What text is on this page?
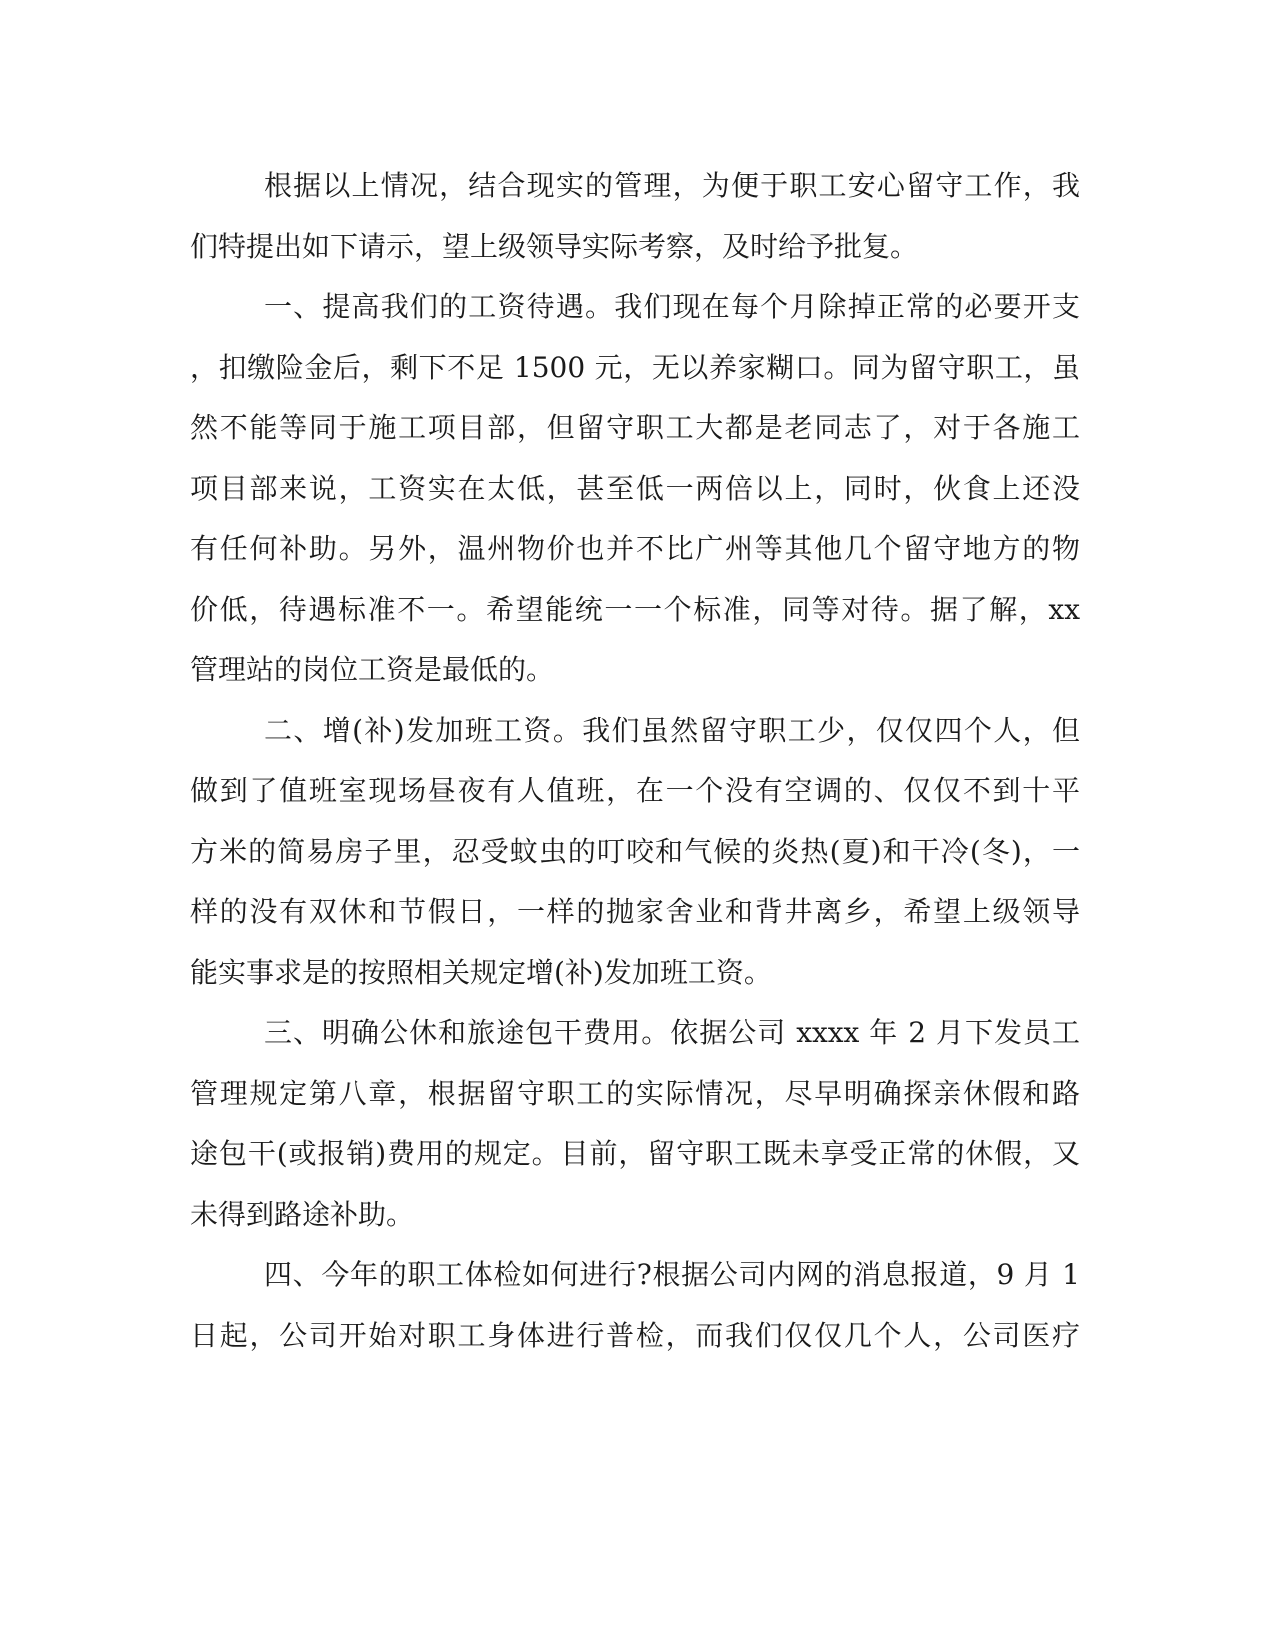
根据以上情况，结合现实的管理，为便于职工安心留守工作，我
们特提出如下请示，望上级领导实际考察，及时给予批复。
一、提高我们的工资待遇。我们现在每个月除掉正常的必要开支
，扣缴险金后，剩下不足 1500 元，无以养家糊口。同为留守职工，虽
然不能等同于施工项目部，但留守职工大都是老同志了，对于各施工
项目部来说，工资实在太低，甚至低一两倍以上，同时，伙食上还没
有任何补助。另外，温州物价也并不比广州等其他几个留守地方的物
价低，待遇标准不一。希望能统一一个标准，同等对待。据了解，xx
管理站的岗位工资是最低的。
二、增(补)发加班工资。我们虽然留守职工少，仅仅四个人，但
做到了值班室现场昼夜有人值班，在一个没有空调的、仅仅不到十平
方米的简易房子里，忍受蚊虫的叮咬和气候的炎热(夏)和干冷(冬)，一
样的没有双休和节假日，一样的抛家舍业和背井离乡，希望上级领导
能实事求是的按照相关规定增(补)发加班工资。
三、明确公休和旅途包干费用。依据公司 xxxx 年 2 月下发员工
管理规定第八章，根据留守职工的实际情况，尽早明确探亲休假和路
途包干(或报销)费用的规定。目前，留守职工既未享受正常的休假，又
未得到路途补助。
四、今年的职工体检如何进行?根据公司内网的消息报道，9 月 1
日起，公司开始对职工身体进行普检，而我们仅仅几个人，公司医疗
